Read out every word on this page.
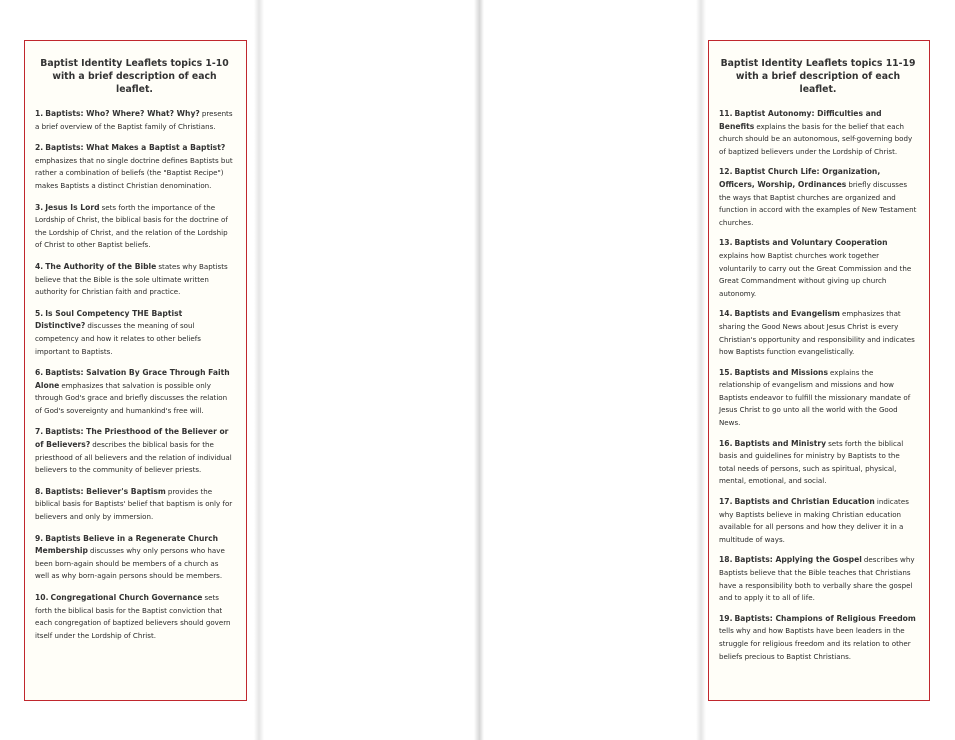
Baptist Identity Leaflets topics 1-10
with a brief description of each leaflet.

1. Baptists: Who? Where? What? Why? presents a brief overview of the Baptist family of Christians.

2. Baptists: What Makes a Baptist a Baptist? emphasizes that no single doctrine defines Baptists but rather a combination of beliefs (the "Baptist Recipe") makes Baptists a distinct Christian denomination.

3. Jesus Is Lord sets forth the importance of the Lordship of Christ, the biblical basis for the doctrine of the Lordship of Christ, and the relation of the Lordship of Christ to other Baptist beliefs.

4. The Authority of the Bible states why Baptists believe that the Bible is the sole ultimate written authority for Christian faith and practice.

5. Is Soul Competency THE Baptist Distinctive? discusses the meaning of soul competency and how it relates to other beliefs important to Baptists.

6. Baptists: Salvation By Grace Through Faith Alone emphasizes that salvation is possible only through God's grace and briefly discusses the relation of God's sovereignty and humankind's free will.

7. Baptists: The Priesthood of the Believer or of Believers? describes the biblical basis for the priesthood of all believers and the relation of individual believers to the community of believer priests.

8. Baptists: Believer's Baptism provides the biblical basis for Baptists' belief that baptism is only for believers and only by immersion.

9. Baptists Believe in a Regenerate Church Membership discusses why only persons who have been born-again should be members of a church as well as why born-again persons should be members.

10. Congregational Church Governance sets forth the biblical basis for the Baptist conviction that each congregation of baptized believers should govern itself under the Lordship of Christ.

Baptist Identity Leaflets topics 11-19
with a brief description of each leaflet.

11. Baptist Autonomy: Difficulties and Benefits explains the basis for the belief that each church should be an autonomous, self-governing body of baptized believers under the Lordship of Christ.

12. Baptist Church Life: Organization, Officers, Worship, Ordinances briefly discusses the ways that Baptist churches are organized and function in accord with the examples of New Testament churches.

13. Baptists and Voluntary Cooperation explains how Baptist churches work together voluntarily to carry out the Great Commission and the Great Commandment without giving up church autonomy.

14. Baptists and Evangelism emphasizes that sharing the Good News about Jesus Christ is every Christian's opportunity and responsibility and indicates how Baptists function evangelistically.

15. Baptists and Missions explains the relationship of evangelism and missions and how Baptists endeavor to fulfill the missionary mandate of Jesus Christ to go unto all the world with the Good News.

16. Baptists and Ministry sets forth the biblical basis and guidelines for ministry by Baptists to the total needs of persons, such as spiritual, physical, mental, emotional, and social.

17. Baptists and Christian Education indicates why Baptists believe in making Christian education available for all persons and how they deliver it in a multitude of ways.

18. Baptists: Applying the Gospel describes why Baptists believe that the Bible teaches that Christians have a responsibility both to verbally share the gospel and to apply it to all of life.

19. Baptists: Champions of Religious Freedom tells why and how Baptists have been leaders in the struggle for religious freedom and its relation to other beliefs precious to Baptist Christians.
